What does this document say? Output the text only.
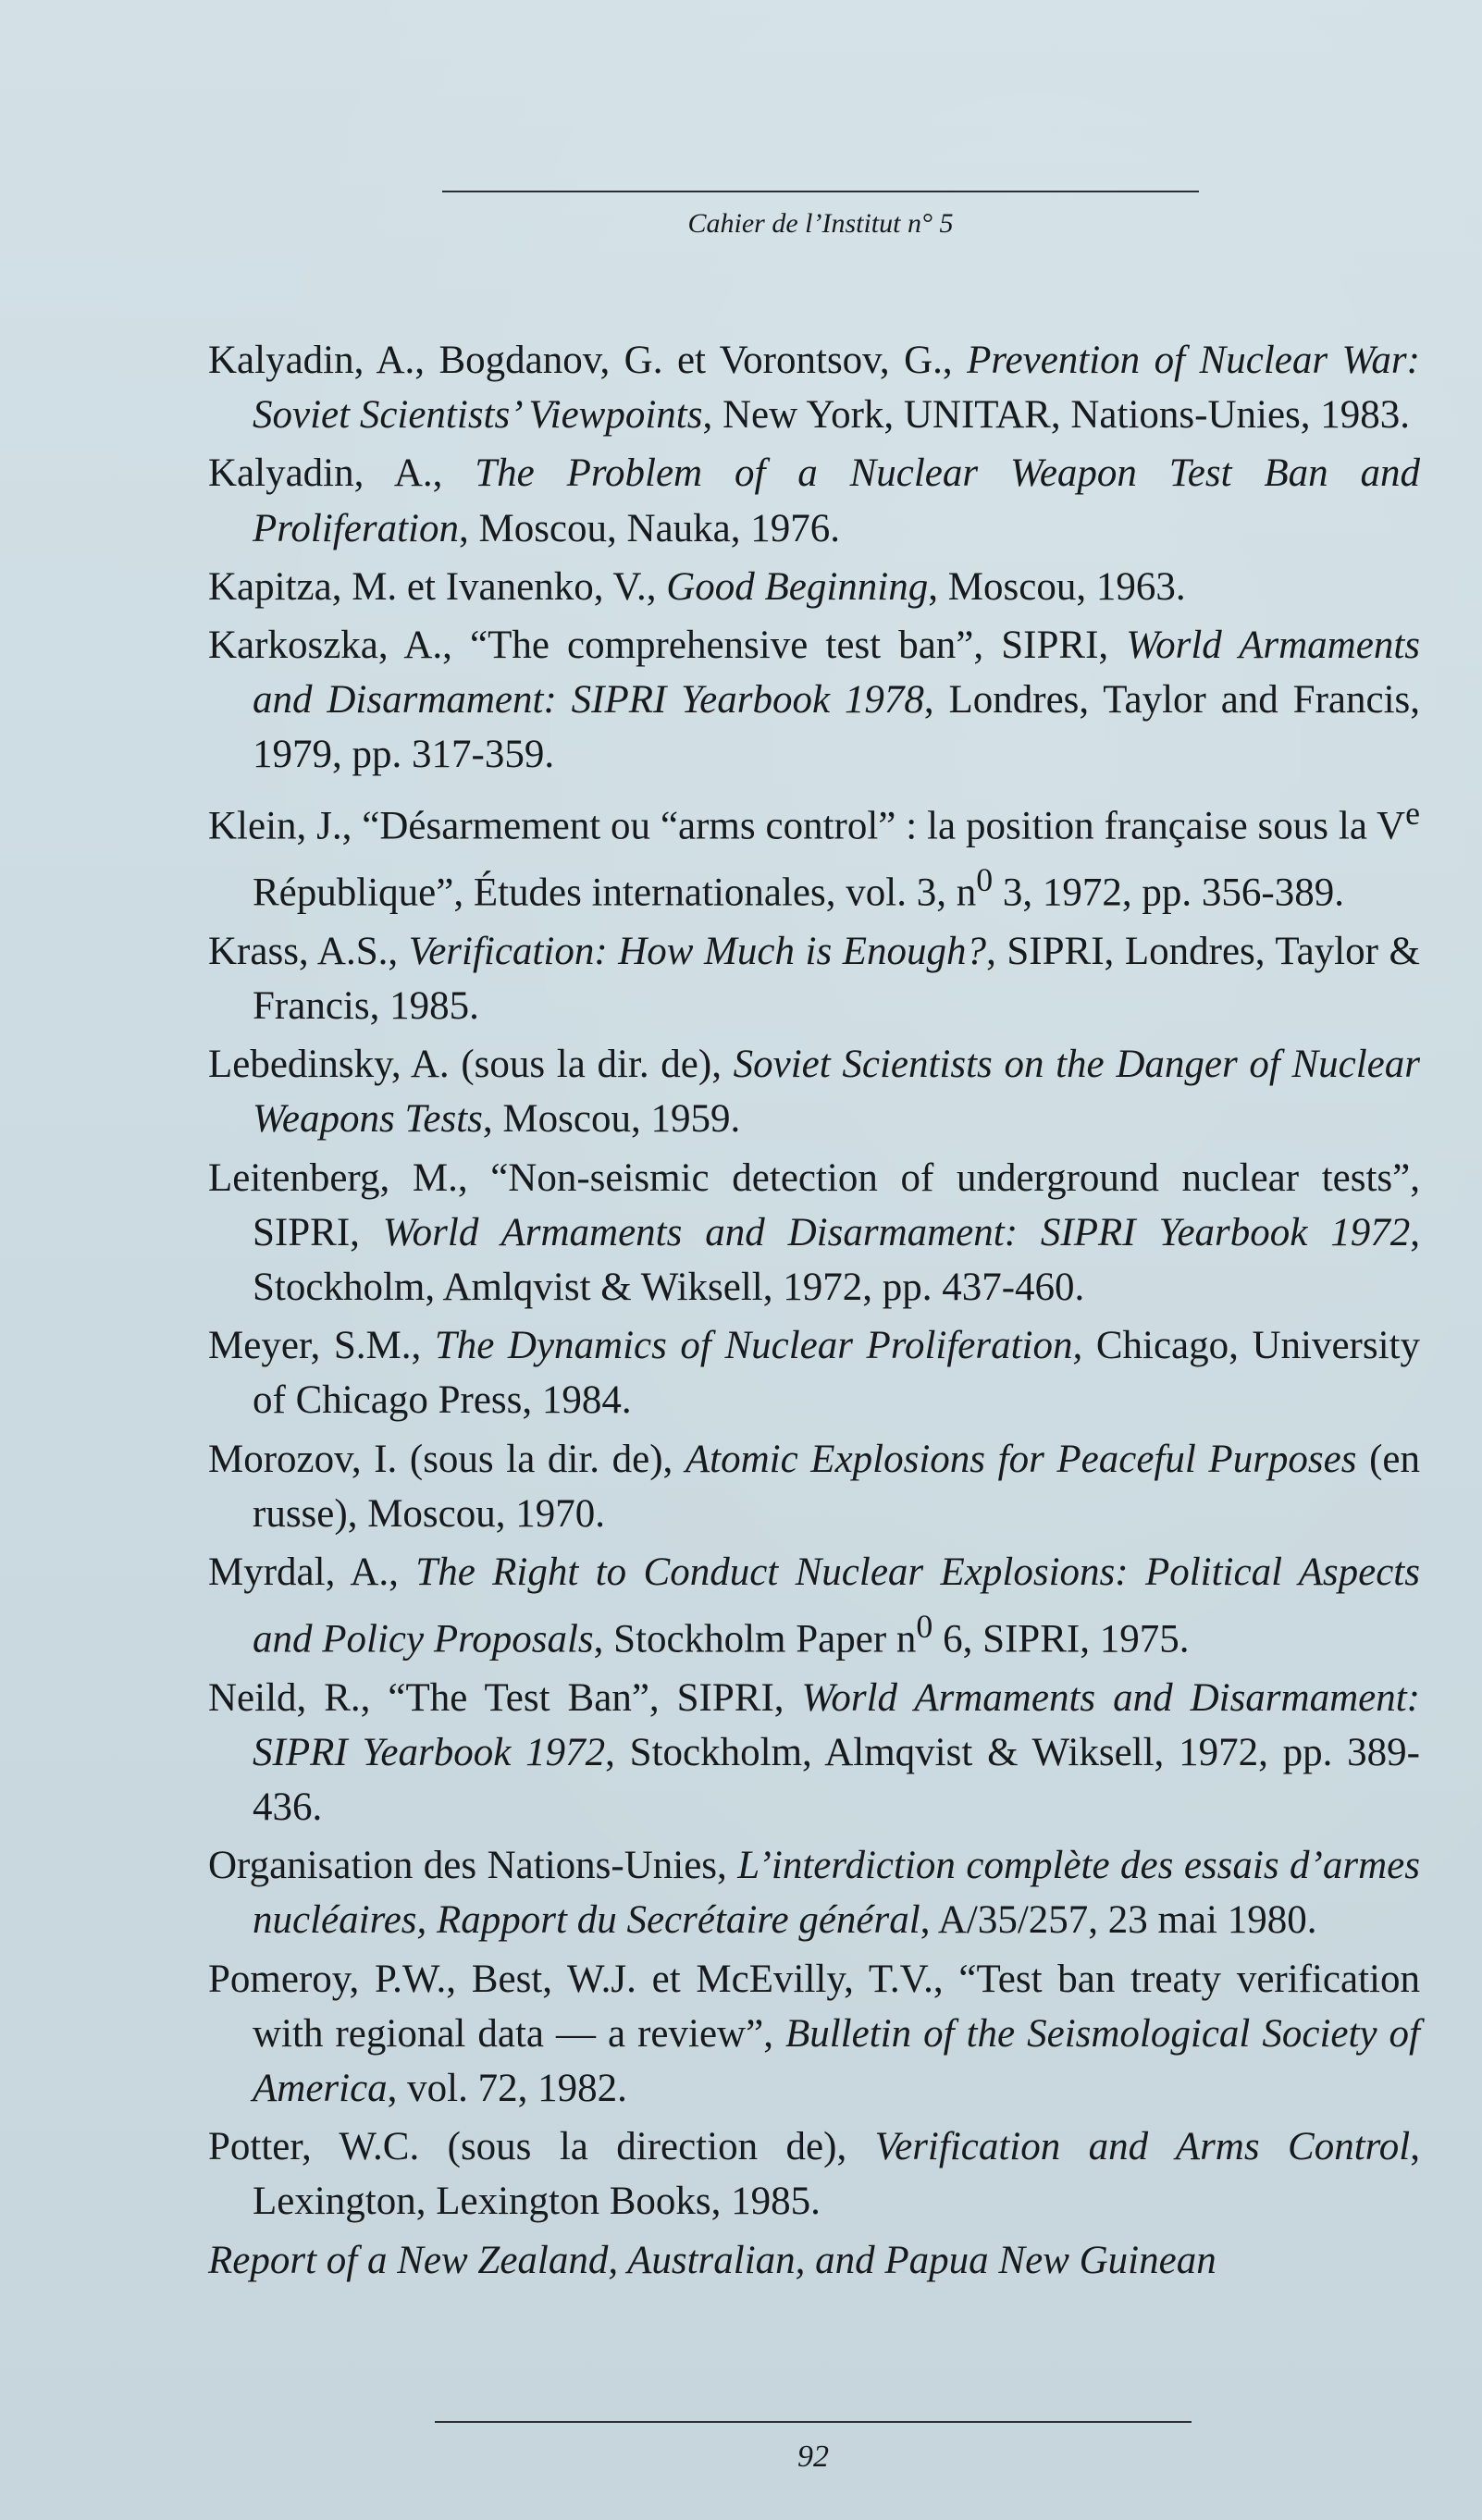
Cahier de l’Institut n° 5

Kalyadin, A., Bogdanov, G. et Vorontsov, G., Prevention of Nuclear War: Soviet Scientists’ Viewpoints, New York, UNITAR, Nations-Unies, 1983.

Kalyadin, A., The Problem of a Nuclear Weapon Test Ban and Proliferation, Moscou, Nauka, 1976.

Kapitza, M. et Ivanenko, V., Good Beginning, Moscou, 1963.

Karkoszka, A., “The comprehensive test ban”, SIPRI, World Armaments and Disarmament: SIPRI Yearbook 1978, Londres, Taylor and Francis, 1979, pp. 317-359.

Klein, J., “Désarmement ou “arms control” : la position française sous la Ve République”, Études internationales, vol. 3, $n^0$ 3, 1972, pp. 356-389.

Krass, A.S., Verification: How Much is Enough?, SIPRI, Londres, Taylor & Francis, 1985.

Lebedinsky, A. (sous la dir. de), Soviet Scientists on the Danger of Nuclear Weapons Tests, Moscou, 1959.

Leitenberg, M., “Non-seismic detection of underground nuclear tests”, SIPRI, World Armaments and Disarmament: SIPRI Yearbook 1972, Stockholm, Amlqvist & Wiksell, 1972, pp. 437-460.

Meyer, S.M., The Dynamics of Nuclear Proliferation, Chicago, University of Chicago Press, 1984.

Morozov, I. (sous la dir. de), Atomic Explosions for Peaceful Purposes (en russe), Moscou, 1970.

Myrdal, A., The Right to Conduct Nuclear Explosions: Political Aspects and Policy Proposals, Stockholm Paper $n^0$ 6, SIPRI, 1975.

Neild, R., “The Test Ban”, SIPRI, World Armaments and Disarmament: SIPRI Yearbook 1972, Stockholm, Almqvist & Wiksell, 1972, pp. 389-436.

Organisation des Nations-Unies, L’interdiction complète des essais d’armes nucléaires, Rapport du Secrétaire général, A/35/257, 23 mai 1980.

Pomeroy, P.W., Best, W.J. et McEvilly, T.V., “Test ban treaty verification with regional data — a review”, Bulletin of the Seismological Society of America, vol. 72, 1982.

Potter, W.C. (sous la direction de), Verification and Arms Control, Lexington, Lexington Books, 1985.

Report of a New Zealand, Australian, and Papua New Guinean

92
